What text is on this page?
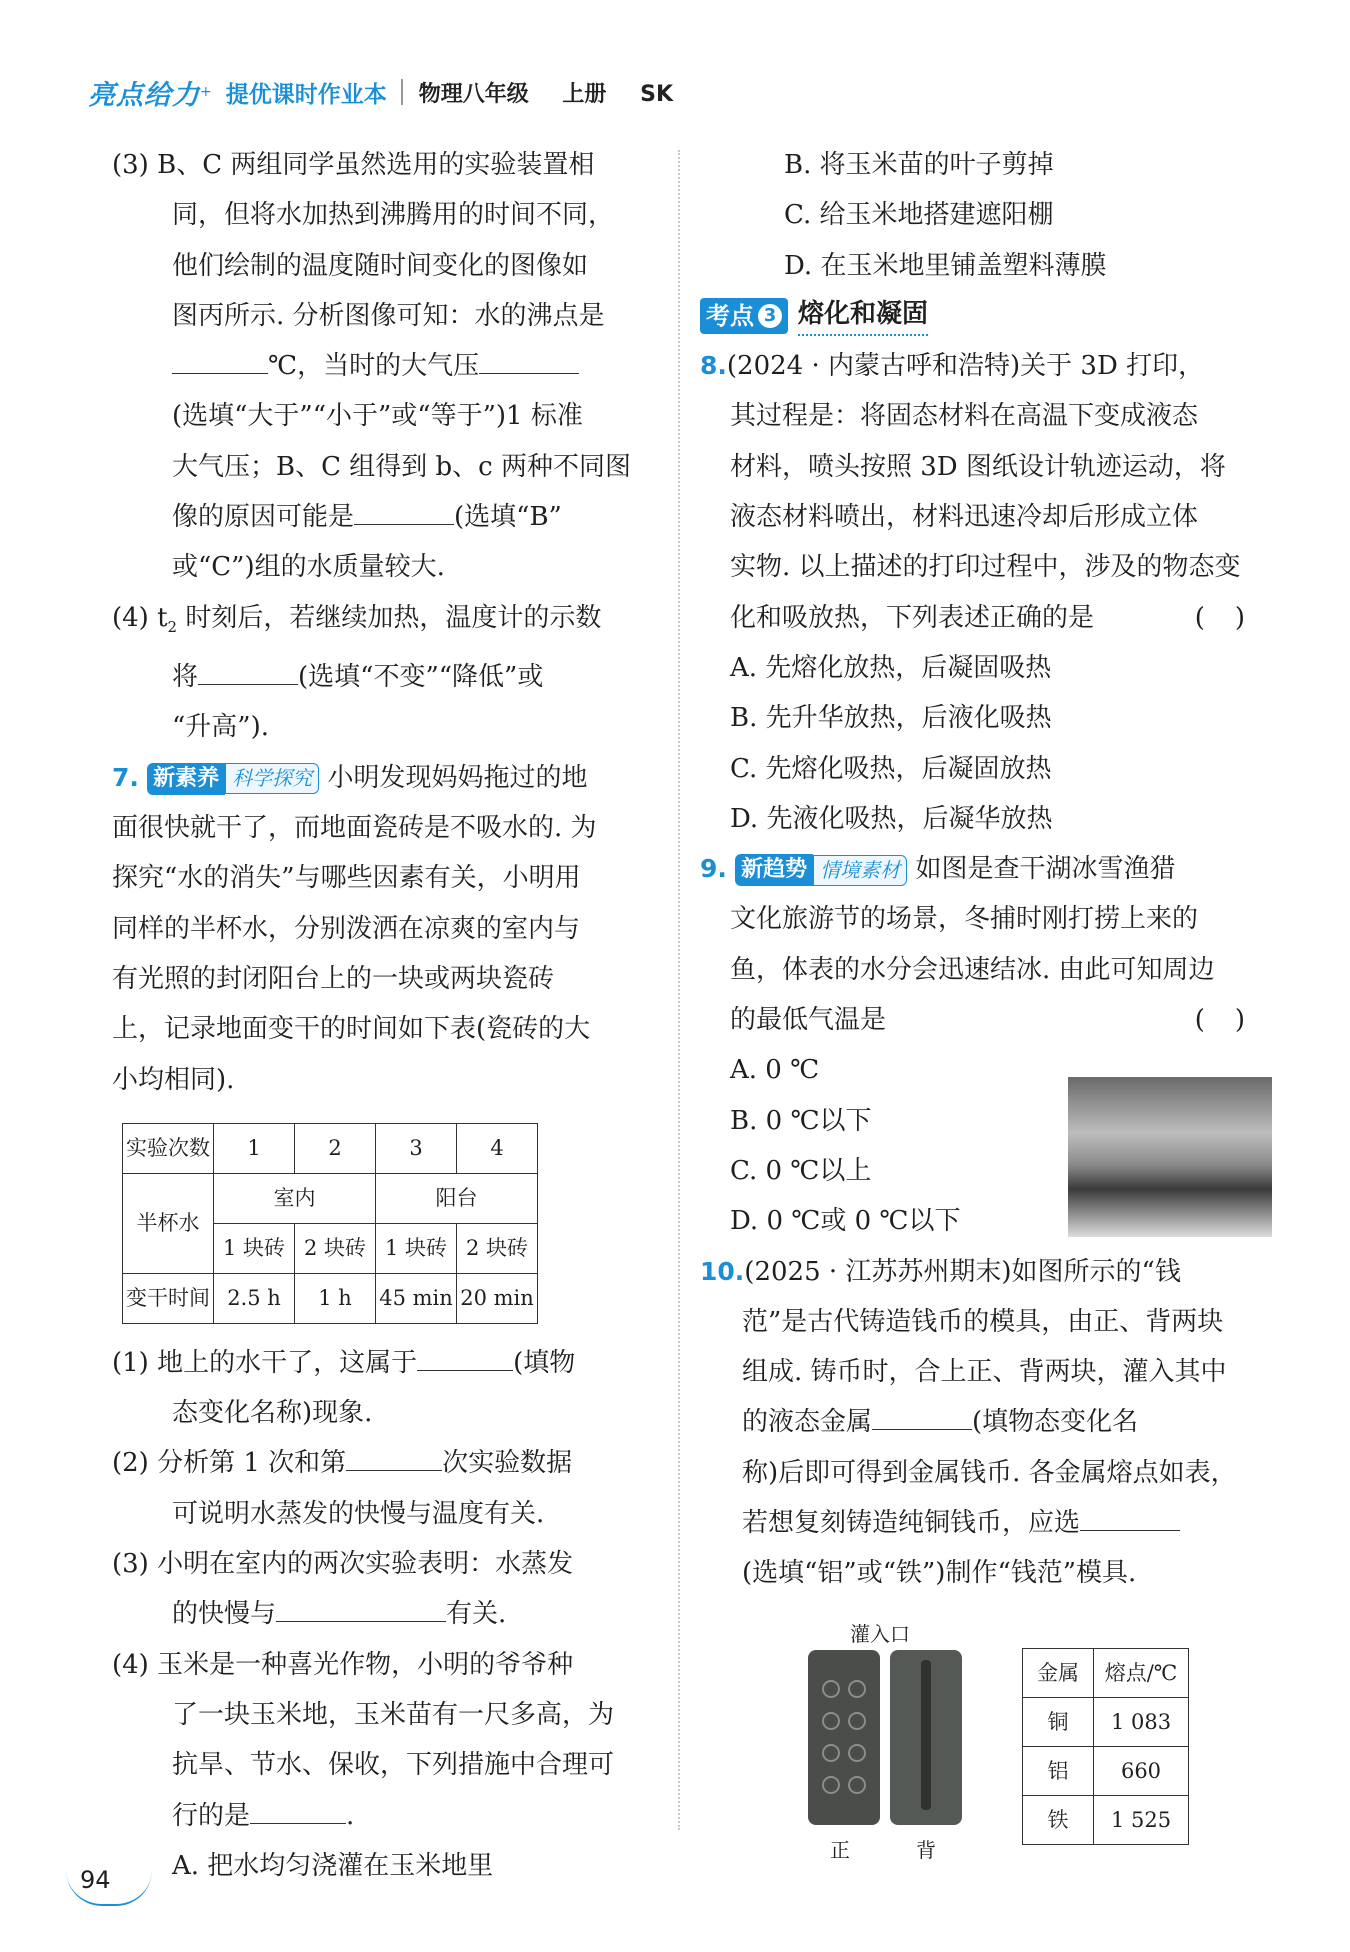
亮点给力 + 提优课时作业本 物理八年级 上册 SK
(3) B、C 两组同学虽然选用的实验装置相
同，但将水加热到沸腾用的时间不同，
他们绘制的温度随时间变化的图像如
图丙所示. 分析图像可知：水的沸点是
℃，当时的大气压
(选填“大于”“小于”或“等于”)1 标准
大气压；B、C 组得到 b、c 两种不同图
像的原因可能是	(选填“B”
或“C”)组的水质量较大.
(4) $t_2$ 时刻后，若继续加热，温度计的示数
将	(选填“不变”“降低”或
“升高”).
7. 新素养 科学探究 小明发现妈妈拖过的地
面很快就干了，而地面瓷砖是不吸水的. 为
探究“水的消失”与哪些因素有关，小明用
同样的半杯水，分别泼洒在凉爽的室内与
有光照的封闭阳台上的一块或两块瓷砖
上，记录地面变干的时间如下表(瓷砖的大
小均相同).
实验次数	1	2	3	4
半杯水	室内		阳台	
	1 块砖	2 块砖	1 块砖	2 块砖
变干时间	2.5 h	1 h	45 min	20 min
(1) 地上的水干了，这属于	(填物
态变化名称)现象.
(2) 分析第 1 次和第	次实验数据
可说明水蒸发的快慢与温度有关.
(3) 小明在室内的两次实验表明：水蒸发
的快慢与	有关.
(4) 玉米是一种喜光作物，小明的爷爷种
了一块玉米地，玉米苗有一尺多高，为
抗旱、节水、保收，下列措施中合理可
行的是	.
A. 把水均匀浇灌在玉米地里
B. 将玉米苗的叶子剪掉
C. 给玉米地搭建遮阳棚
D. 在玉米地里铺盖塑料薄膜
考点 3 熔化和凝固
8.(2024 · 内蒙古呼和浩特)关于 3D 打印，
其过程是：将固态材料在高温下变成液态
材料，喷头按照 3D 图纸设计轨迹运动，将
液态材料喷出，材料迅速冷却后形成立体
实物. 以上描述的打印过程中，涉及的物态变
化和吸放热，下列表述正确的是	()
A. 先熔化放热，后凝固吸热
B. 先升华放热，后液化吸热
C. 先熔化吸热，后凝固放热
D. 先液化吸热，后凝华放热
9. 新趋势 情境素材 如图是查干湖冰雪渔猎
文化旅游节的场景，冬捕时刚打捞上来的
鱼，体表的水分会迅速结冰. 由此可知周边
的最低气温是	()
A. 0 ℃
B. 0 ℃以下
C. 0 ℃以上
D. 0 ℃或 0 ℃以下
10.(2025 · 江苏苏州期末)如图所示的“钱
范”是古代铸造钱币的模具，由正、背两块
组成. 铸币时，合上正、背两块，灌入其中
的液态金属	(填物态变化名
称)后即可得到金属钱币. 各金属熔点如表，
若想复刻铸造纯铜钱币，应选
(选填“铝”或“铁”)制作“钱范”模具.
灌入口
正	背
金属	熔点/℃
铜	1 083
铝	660
铁	1 525
94
